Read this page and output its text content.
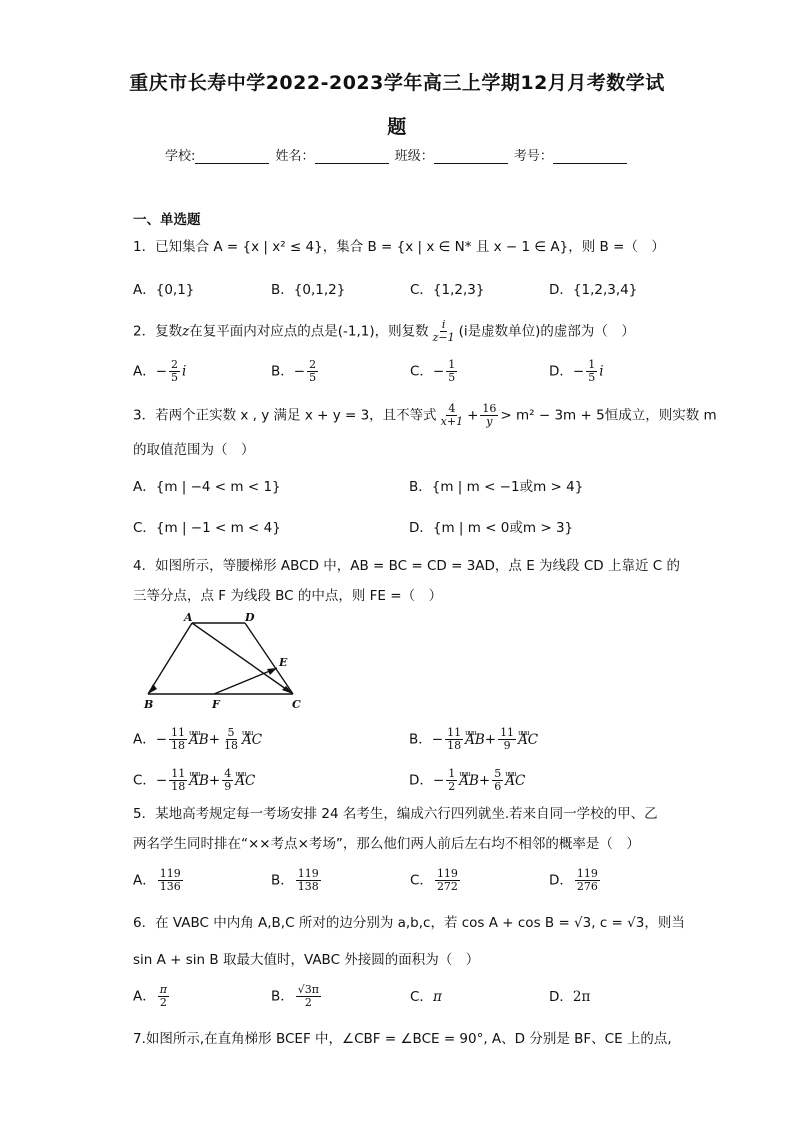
重庆市长寿中学2022-2023学年高三上学期12月月考数学试
题
学校:	姓名：	班级：	考号：
一、单选题
1．已知集合 A = {x | x² ≤ 4}，集合 B = {x | x ∈ N* 且 x − 1 ∈ A}，则 B =（　）
A．{0,1}	B．{0,1,2}	C．{1,2,3}	D．{1,2,3,4}
2．复数z在复平面内对应点的点是(-1,1)，则复数 $\frac{i}{z-1} (i$是虚数单位)的虚部为（　）
A．− $\frac{2}{5}$ i	B．− $\frac{2}{5}$	C．− $\frac{1}{5}$	D．− $\frac{1}{5}$ i
3．若两个正实数 x , y 满足 x + y = 3，且不等式 $\frac{4}{x+1} + \frac{16}{y} > m^2 - 3m + 5$恒成立，则实数 m
的取值范围为（　）
A．{m | −4 < m < 1}	B．{m | m < −1或m > 4}
C．{m | −1 < m < 4}	D．{m | m < 0或m > 3}
4．如图所示，等腰梯形 ABCD 中，AB = BC = CD = 3AD，点 E 为线段 CD 上靠近 C 的
三等分点，点 F 为线段 BC 的中点，则 FE =（　）
A	D
E
B	F	C
A．− $\frac{11}{18}$ uuu $AB+ \frac{5}{18}$ uuu AC	B．− $\frac{11}{18}$ uuu $AB+ \frac{11}{9}$ uuu AC
C．− $\frac{11}{18}$ uuu $AB+ \frac{4}{9}$ uuu AC	D．− $\frac{1}{2}$ uuu $AB+ \frac{5}{6}$ uuu AC
5．某地高考规定每一考场安排 24 名考生，编成六行四列就坐.若来自同一学校的甲、乙
两名学生同时排在“××考点×考场”，那么他们两人前后左右均不相邻的概率是（　）
A． $\frac{119}{136}$	B． $\frac{119}{138}$	C． $\frac{119}{272}$	D． $\frac{119}{276}$
6．在 VABC 中内角 A,B,C 所对的边分别为 a,b,c，若 cos A + cos B = √3, c = √3，则当
sin A + sin B 取最大值时，VABC 外接圆的面积为（　）
A． $\frac{\pi}{2}$	B． $\frac{√3\pi}{2}$	C．π	D．2π
7.如图所示,在直角梯形 BCEF 中，∠CBF = ∠BCE = 90°, A、D 分别是 BF、CE 上的点,
